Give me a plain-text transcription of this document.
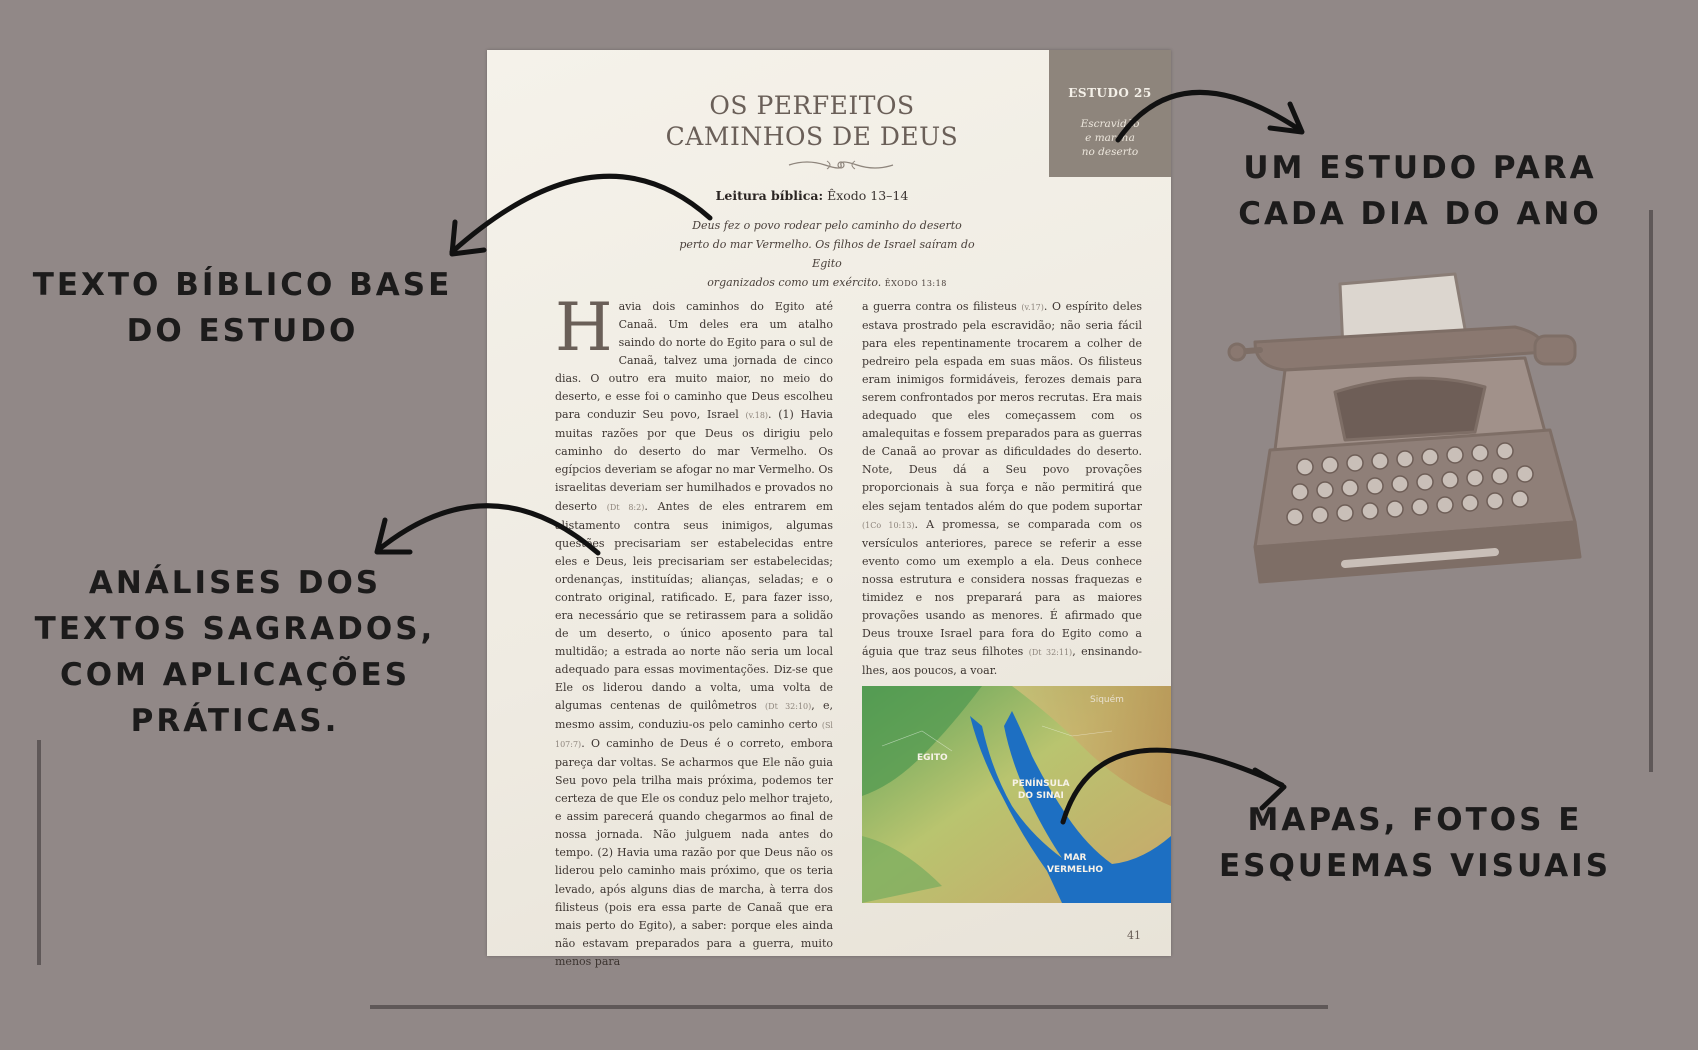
UM ESTUDO PARA
CADA DIA DO ANO
TEXTO BÍBLICO BASE
DO ESTUDO
ANÁLISES DOS
TEXTOS SAGRADOS,
COM APLICAÇÕES
PRÁTICAS.
MAPAS, FOTOS E
ESQUEMAS VISUAIS
ESTUDO 25
Escravidão
e marcha
no deserto
OS PERFEITOS
CAMINHOS DE DEUS
Leitura bíblica: Êxodo 13–14
Deus fez o povo rodear pelo caminho do deserto
perto do mar Vermelho. Os filhos de Israel saíram do Egito
organizados como um exército. ÊXODO 13:18
Havia dois caminhos do Egito até Canaã. Um deles era um atalho saindo do norte do Egito para o sul de Canaã, talvez uma jornada de cinco dias. O outro era muito maior, no meio do deserto, e esse foi o caminho que Deus escolheu para conduzir Seu povo, Israel (v.18). (1) Havia muitas razões por que Deus os dirigiu pelo caminho do deserto do mar Vermelho. Os egípcios deveriam se afogar no mar Vermelho. Os israelitas deveriam ser humilhados e provados no deserto (Dt 8:2). Antes de eles entrarem em alistamento contra seus inimigos, algumas questões precisariam ser estabelecidas entre eles e Deus, leis precisariam ser estabelecidas; ordenanças, instituídas; alianças, seladas; e o contrato original, ratificado. E, para fazer isso, era necessário que se retirassem para a solidão de um deserto, o único aposento para tal multidão; a estrada ao norte não seria um local adequado para essas movimentações. Diz-se que Ele os liderou dando a volta, uma volta de algumas centenas de quilômetros (Dt 32:10), e, mesmo assim, conduziu-os pelo caminho certo (Sl 107:7). O caminho de Deus é o correto, embora pareça dar voltas. Se acharmos que Ele não guia Seu povo pela trilha mais próxima, podemos ter certeza de que Ele os conduz pelo melhor trajeto, e assim parecerá quando chegarmos ao final de nossa jornada. Não julguem nada antes do tempo. (2) Havia uma razão por que Deus não os liderou pelo caminho mais próximo, que os teria levado, após alguns dias de marcha, à terra dos filisteus (pois era essa parte de Canaã que era mais perto do Egito), a saber: porque eles ainda não estavam preparados para a guerra, muito menos para
a guerra contra os filisteus (v.17). O espírito deles estava prostrado pela escravidão; não seria fácil para eles repentinamente trocarem a colher de pedreiro pela espada em suas mãos. Os filisteus eram inimigos formidáveis, ferozes demais para serem confrontados por meros recrutas. Era mais adequado que eles começassem com os amalequitas e fossem preparados para as guerras de Canaã ao provar as dificuldades do deserto. Note, Deus dá a Seu povo provações proporcionais à sua força e não permitirá que eles sejam tentados além do que podem suportar (1Co 10:13). A promessa, se comparada com os versículos anteriores, parece se referir a esse evento como um exemplo a ela. Deus conhece nossa estrutura e considera nossas fraquezas e timidez e nos preparará para as maiores provações usando as menores. É afirmado que Deus trouxe Israel para fora do Egito como a águia que traz seus filhotes (Dt 32:11), ensinando-lhes, aos poucos, a voar.
EGITO
PENÍNSULA
DO SINAI
MAR
VERMELHO
Siquém
41
